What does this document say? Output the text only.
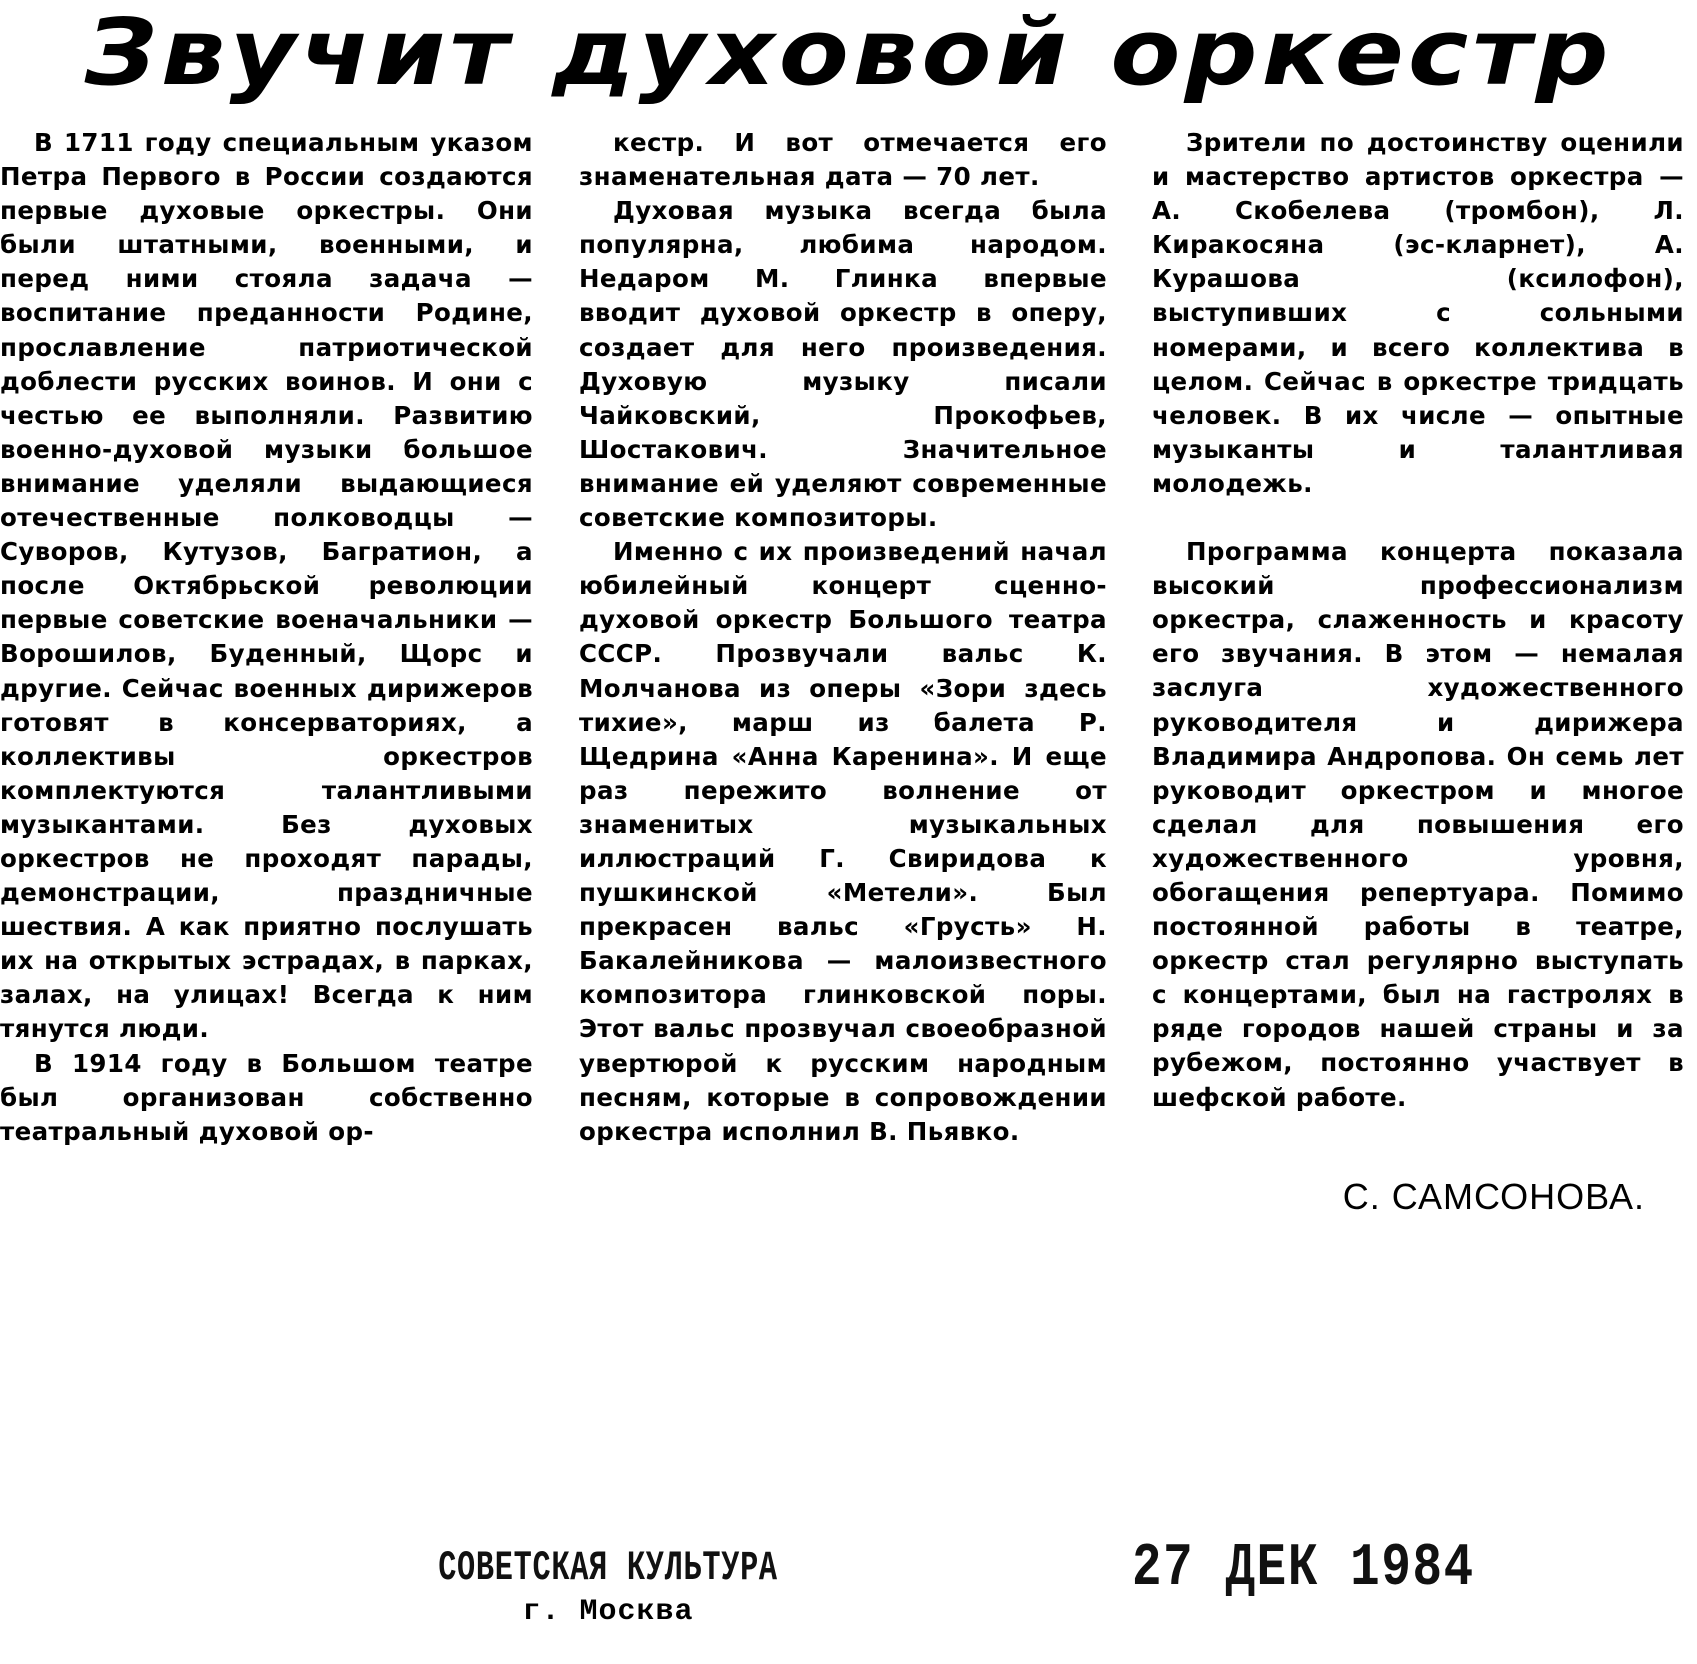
Звучит духовой оркестр

В 1711 году специальным указом Петра Первого в России создаются первые духовые оркестры. Они были штатными, военными, и перед ними стояла задача — воспитание преданности Родине, прославление патриотической доблести русских воинов. И они с честью ее выполняли. Развитию военно-духовой музыки большое внимание уделяли выдающиеся отечественные полководцы — Суворов, Кутузов, Багратион, а после Октябрьской революции первые советские военачальники — Ворошилов, Буденный, Щорс и другие. Сейчас военных дирижеров готовят в консерваториях, а коллективы оркестров комплектуются талантливыми музыкантами. Без духовых оркестров не проходят парады, демонстрации, праздничные шествия. А как приятно послушать их на открытых эстрадах, в парках, залах, на улицах! Всегда к ним тянутся люди.

В 1914 году в Большом театре был организован собственно театральный духовой ор-

кестр. И вот отмечается его знаменательная дата — 70 лет.

Духовая музыка всегда была популярна, любима народом. Недаром М. Глинка впервые вводит духовой оркестр в оперу, создает для него произведения. Духовую музыку писали Чайковский, Прокофьев, Шостакович. Значительное внимание ей уделяют современные советские композиторы.

Именно с их произведений начал юбилейный концерт сценно-духовой оркестр Большого театра СССР. Прозвучали вальс К. Молчанова из оперы «Зори здесь тихие», марш из балета Р. Щедрина «Анна Каренина». И еще раз пережито волнение от знаменитых музыкальных иллюстраций Г. Свиридова к пушкинской «Метели». Был прекрасен вальс «Грусть» Н. Бакалейникова — малоизвестного композитора глинковской поры. Этот вальс прозвучал своеобразной увертюрой к русским народным песням, которые в сопровождении оркестра исполнил В. Пьявко.

Зрители по достоинству оценили и мастерство артистов оркестра — А. Скобелева (тромбон), Л. Киракосяна (эс-кларнет), А. Курашова (ксилофон), выступивших с сольными номерами, и всего коллектива в целом. Сейчас в оркестре тридцать человек. В их числе — опытные музыканты и талантливая молодежь.

Программа концерта показала высокий профессионализм оркестра, слаженность и красоту его звучания. В этом — немалая заслуга художественного руководителя и дирижера Владимира Андропова. Он семь лет руководит оркестром и многое сделал для повышения его художественного уровня, обогащения репертуара. Помимо постоянной работы в театре, оркестр стал регулярно выступать с концертами, был на гастролях в ряде городов нашей страны и за рубежом, постоянно участвует в шефской работе.

С. САМСОНОВА.
СОВЕТСКАЯ КУЛЬТУРА
г. Москва
27 ДЕК 1984
